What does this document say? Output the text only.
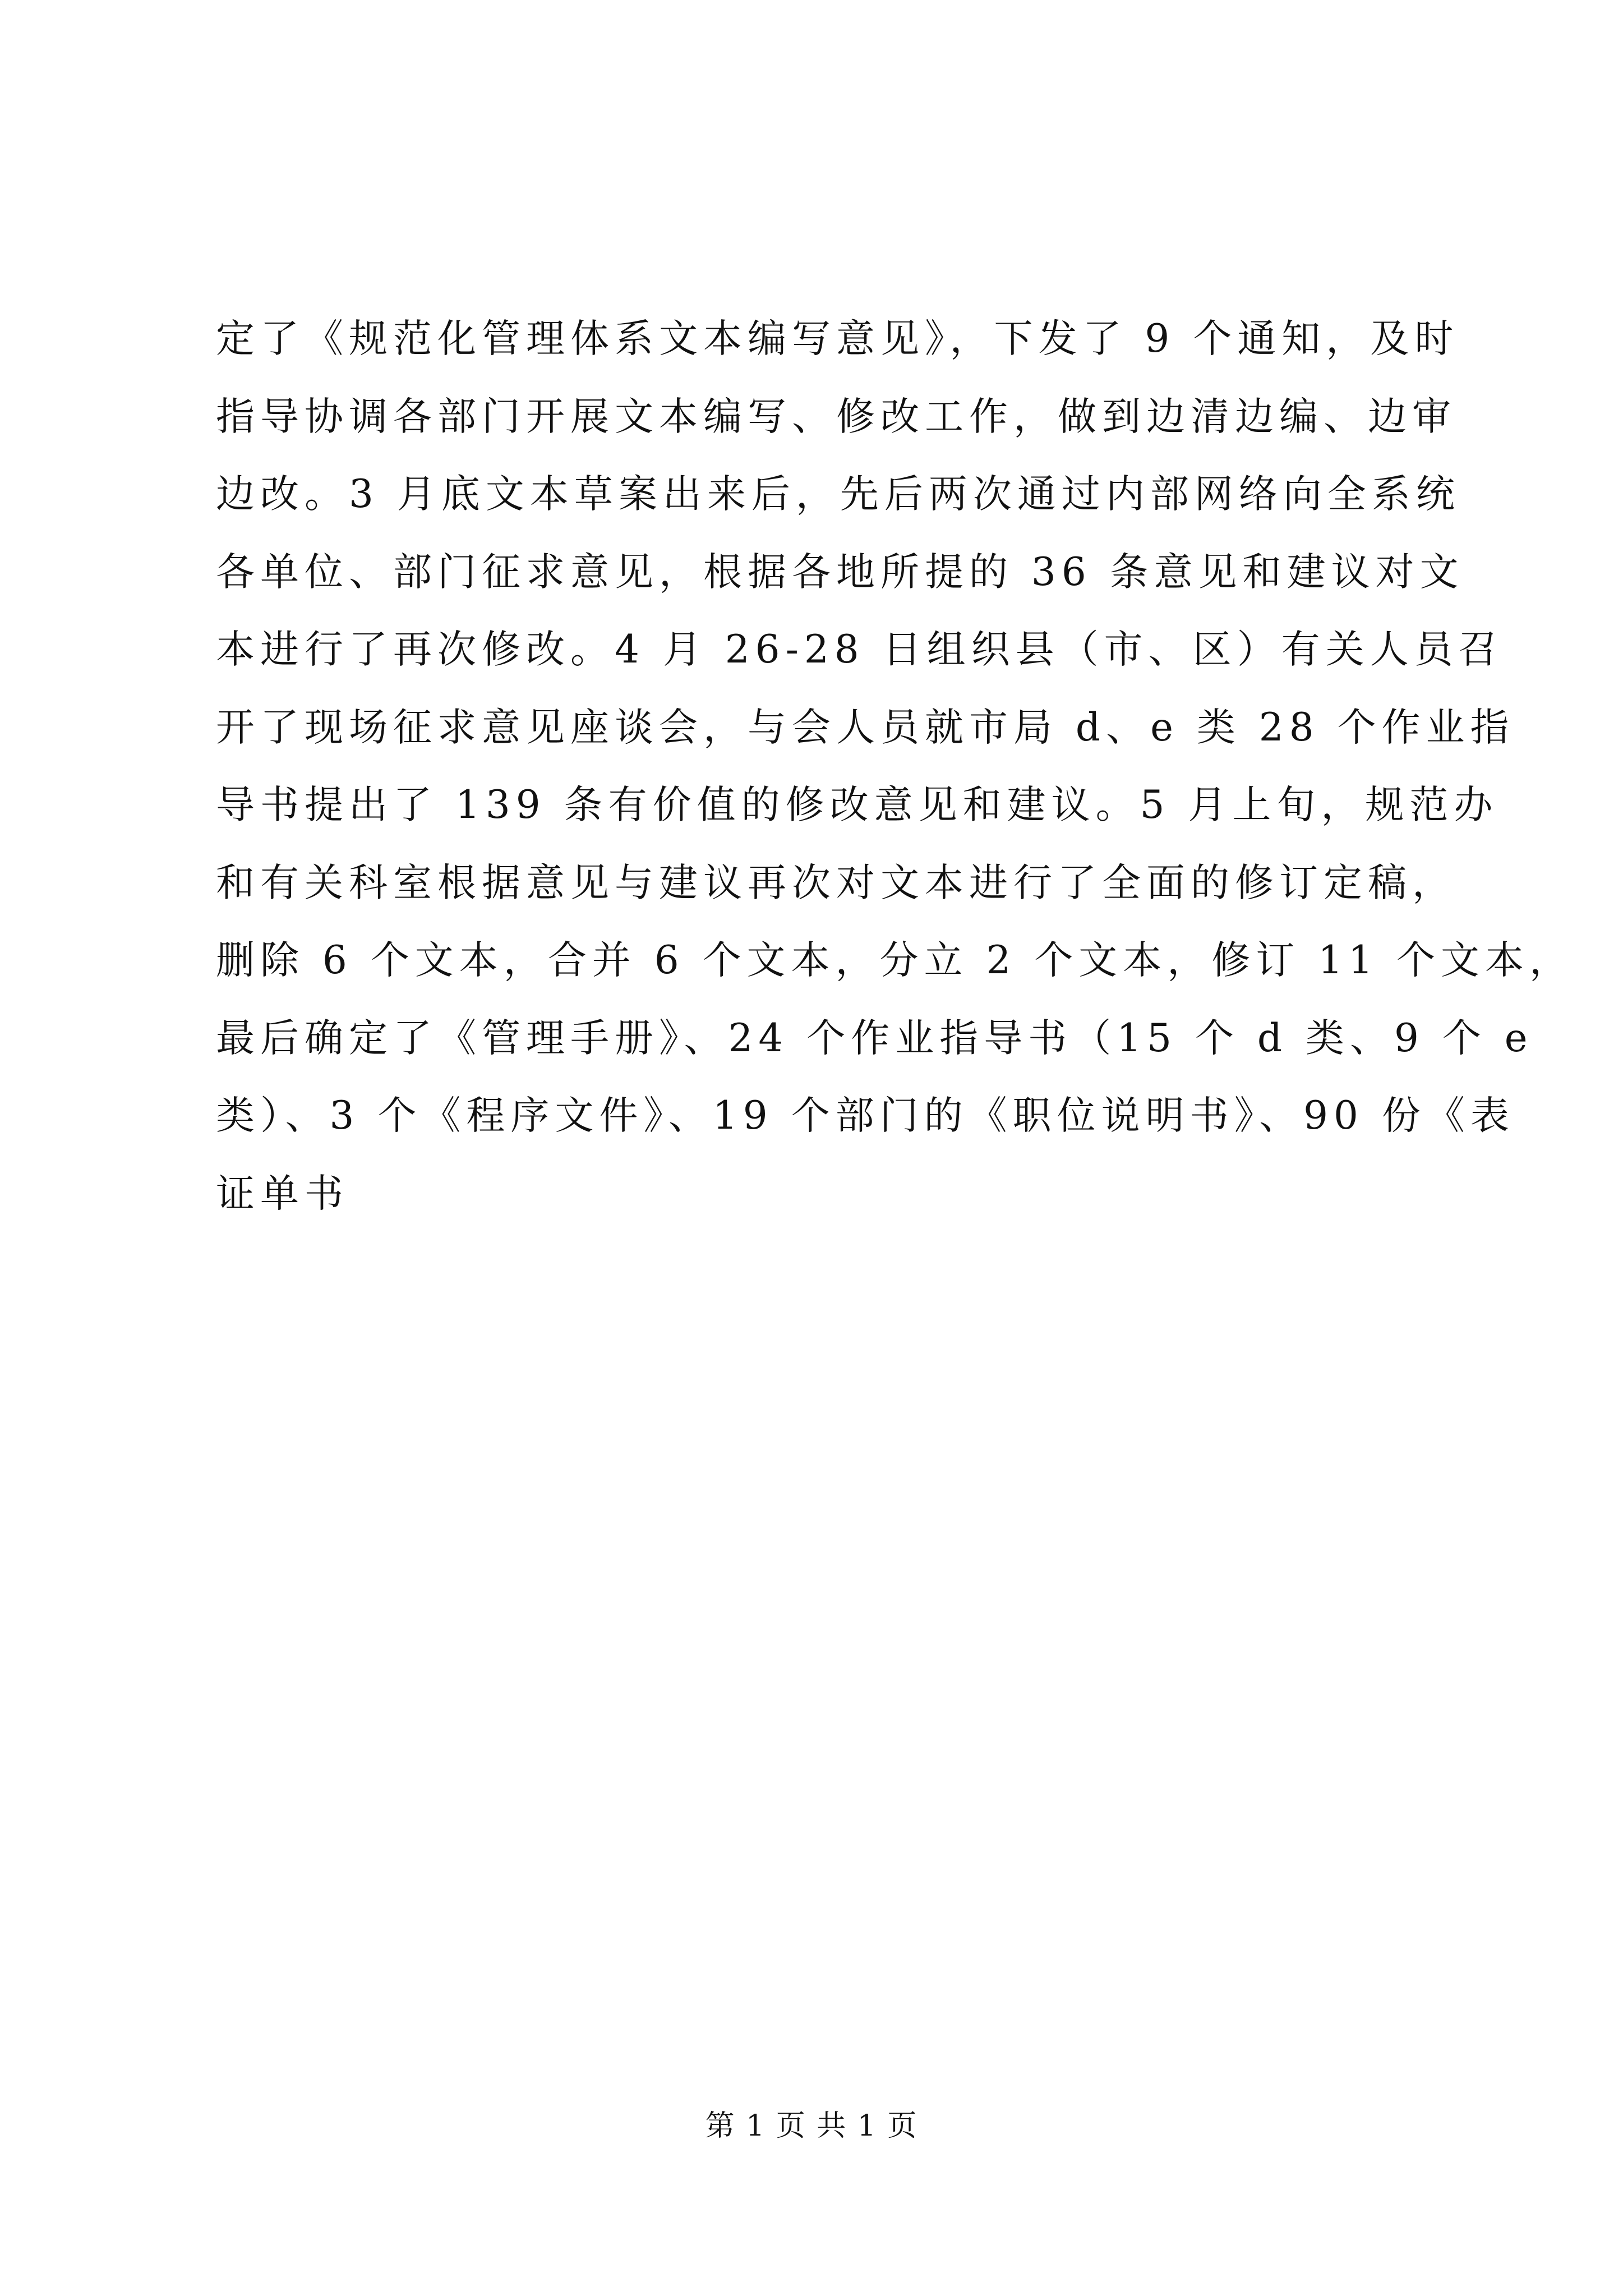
定了《规范化管理体系文本编写意见》，下发了 9 个通知，及时
指导协调各部门开展文本编写、修改工作，做到边清边编、边审
边改。3 月底文本草案出来后，先后两次通过内部网络向全系统
各单位、部门征求意见，根据各地所提的 36 条意见和建议对文
本进行了再次修改。4 月 26-28 日组织县（市、区）有关人员召
开了现场征求意见座谈会，与会人员就市局 d、e 类 28 个作业指
导书提出了 139 条有价值的修改意见和建议。5 月上旬，规范办
和有关科室根据意见与建议再次对文本进行了全面的修订定稿，
删除 6 个文本，合并 6 个文本，分立 2 个文本，修订 11 个文本，
最后确定了《管理手册》、24 个作业指导书（15 个 d 类、9 个 e
类）、3 个《程序文件》、19 个部门的《职位说明书》、90 份《表
证单书
第 1 页 共 1 页
